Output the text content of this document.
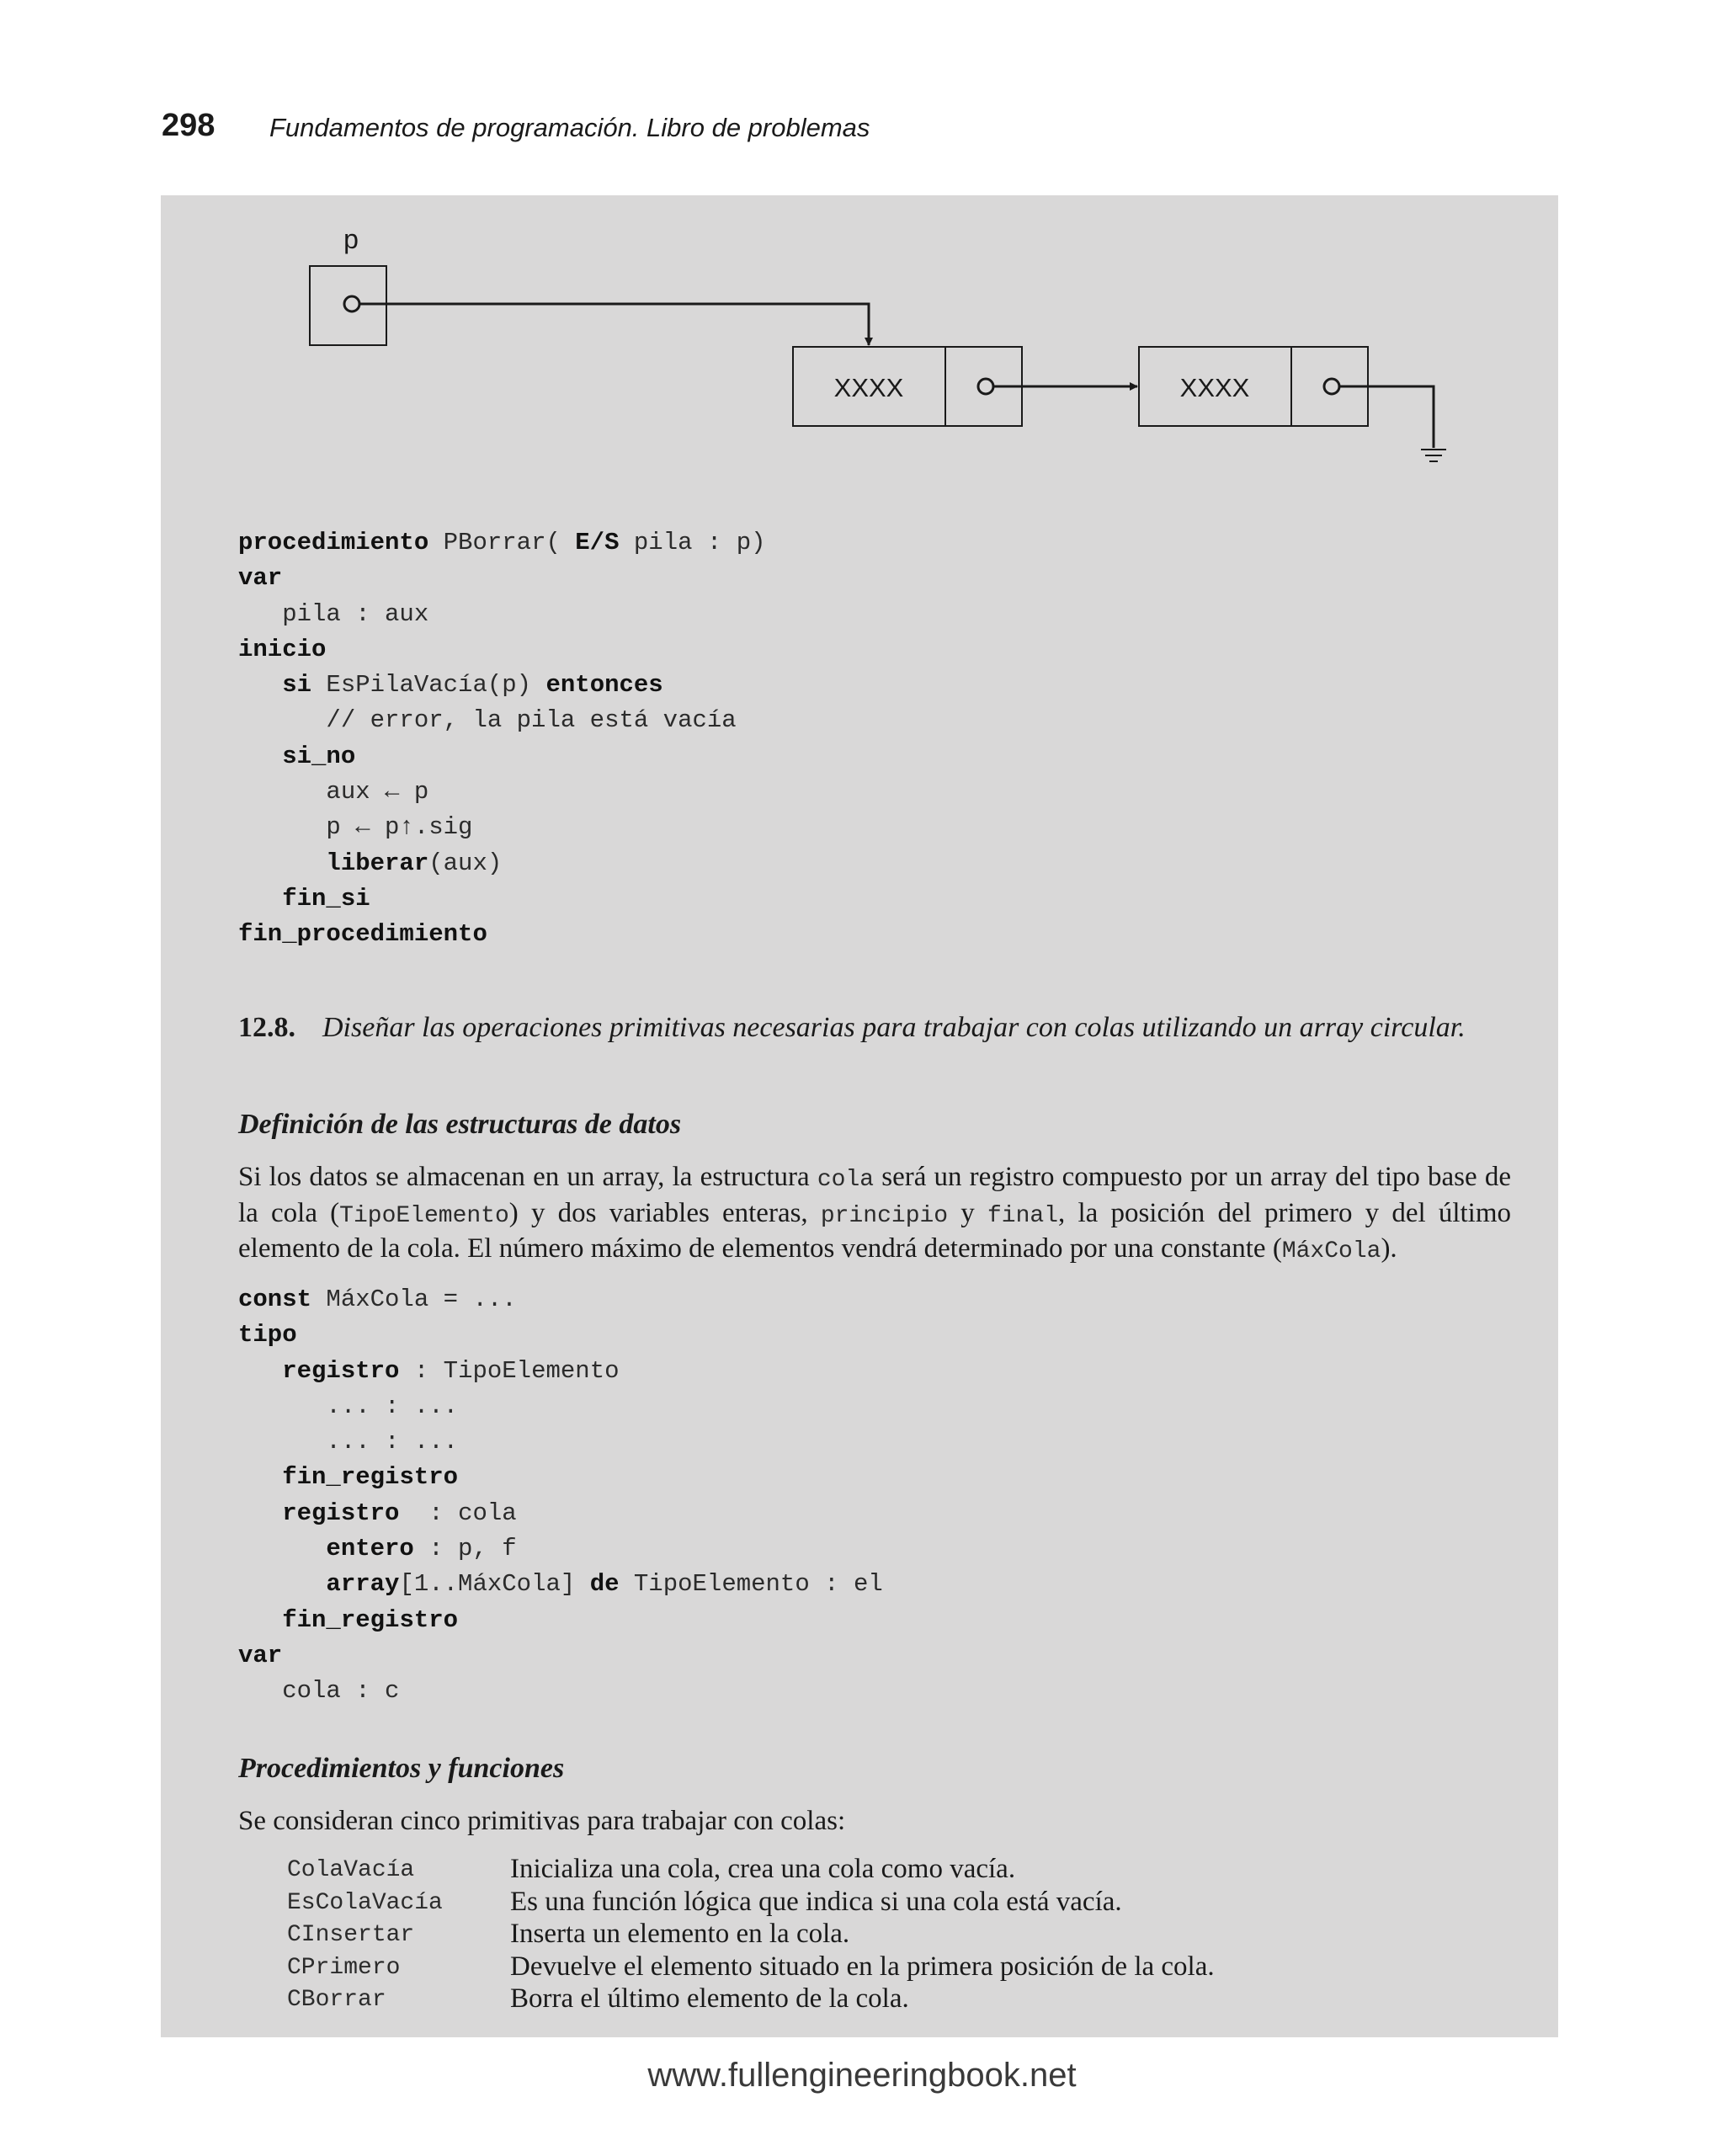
298 Fundamentos de programación. Libro de problemas
p
XXXX	XXXX
procedimiento PBorrar( E/S pila : p)
var
pila : aux
inicio
si EsPilaVacía(p) entonces
// error, la pila está vacía
si_no
aux ← p
p ← p↑.sig
liberar(aux)
fin_si
fin_procedimiento
12.8. Diseñar las operaciones primitivas necesarias para trabajar con colas utilizando un array circular.
Definición de las estructuras de datos
Si los datos se almacenan en un array, la estructura cola será un registro compuesto por un array del tipo base de la cola (TipoElemento) y dos variables enteras, principio y final, la posición del primero y del último elemento de la cola. El número máximo de elementos vendrá determinado por una constante (MáxCola).
const MáxCola = ...
tipo
registro : TipoElemento
... : ...
... : ...
fin_registro
registro  : cola
entero : p, f
array[1..MáxCola] de TipoElemento : el
fin_registro
var
cola : c
Procedimientos y funciones
Se consideran cinco primitivas para trabajar con colas:
ColaVacía	Inicializa una cola, crea una cola como vacía.
EsColaVacía Es una función lógica que indica si una cola está vacía.
CInsertar	Inserta un elemento en la cola.
CPrimero	Devuelve el elemento situado en la primera posición de la cola.
CBorrar	Borra el último elemento de la cola.
www.fullengineeringbook.net
